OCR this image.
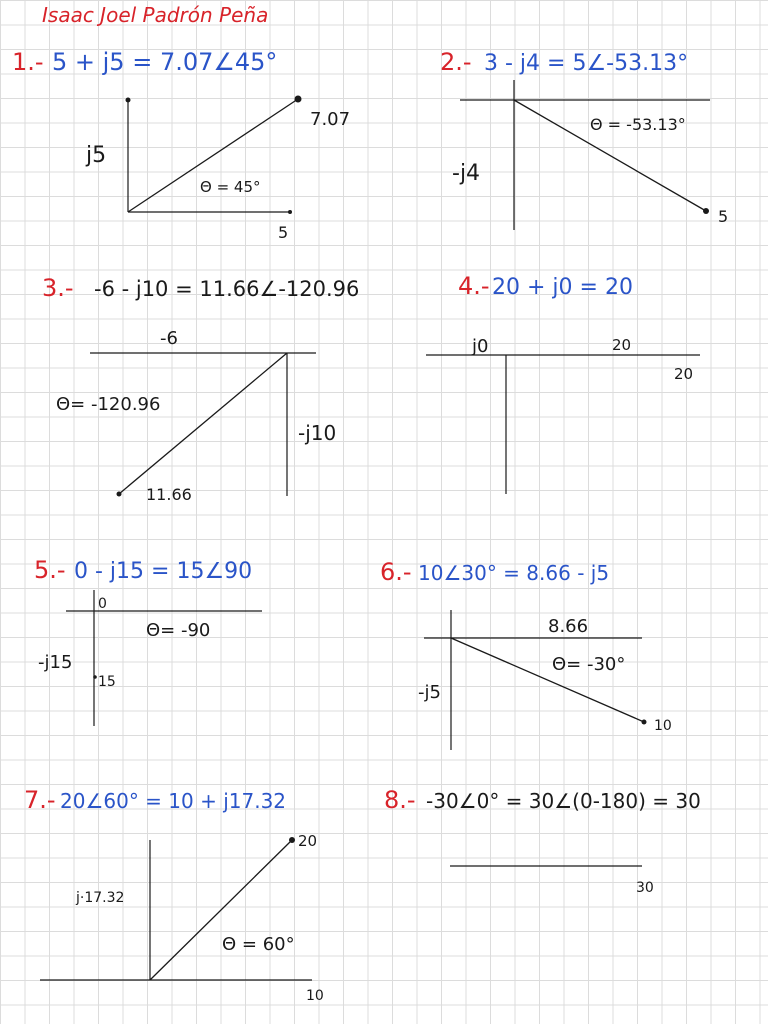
Isaac Joel Padrón Peña
1.- 5 + j5 = 7.07∠45°
j5
5
7.07
Θ = 45°
2.- 3 - j4 = 5∠-53.13°
-j4
5
Θ = -53.13°
3.- -6 - j10 = 11.66∠-120.96
-6
-j10
11.66
Θ= -120.96
4.- 20 + j0 = 20
j0	20
20
5.- 0 - j15 = 15∠90
0
-j15
15
Θ= -90
6.- 10∠30° = 8.66 - j5
8.66
-j5
10
Θ= -30°
7.- 20∠60° = 10 + j17.32
j·17.32
20
10
Θ = 60°
8.- -30∠0° = 30∠(0-180) = 30
30
